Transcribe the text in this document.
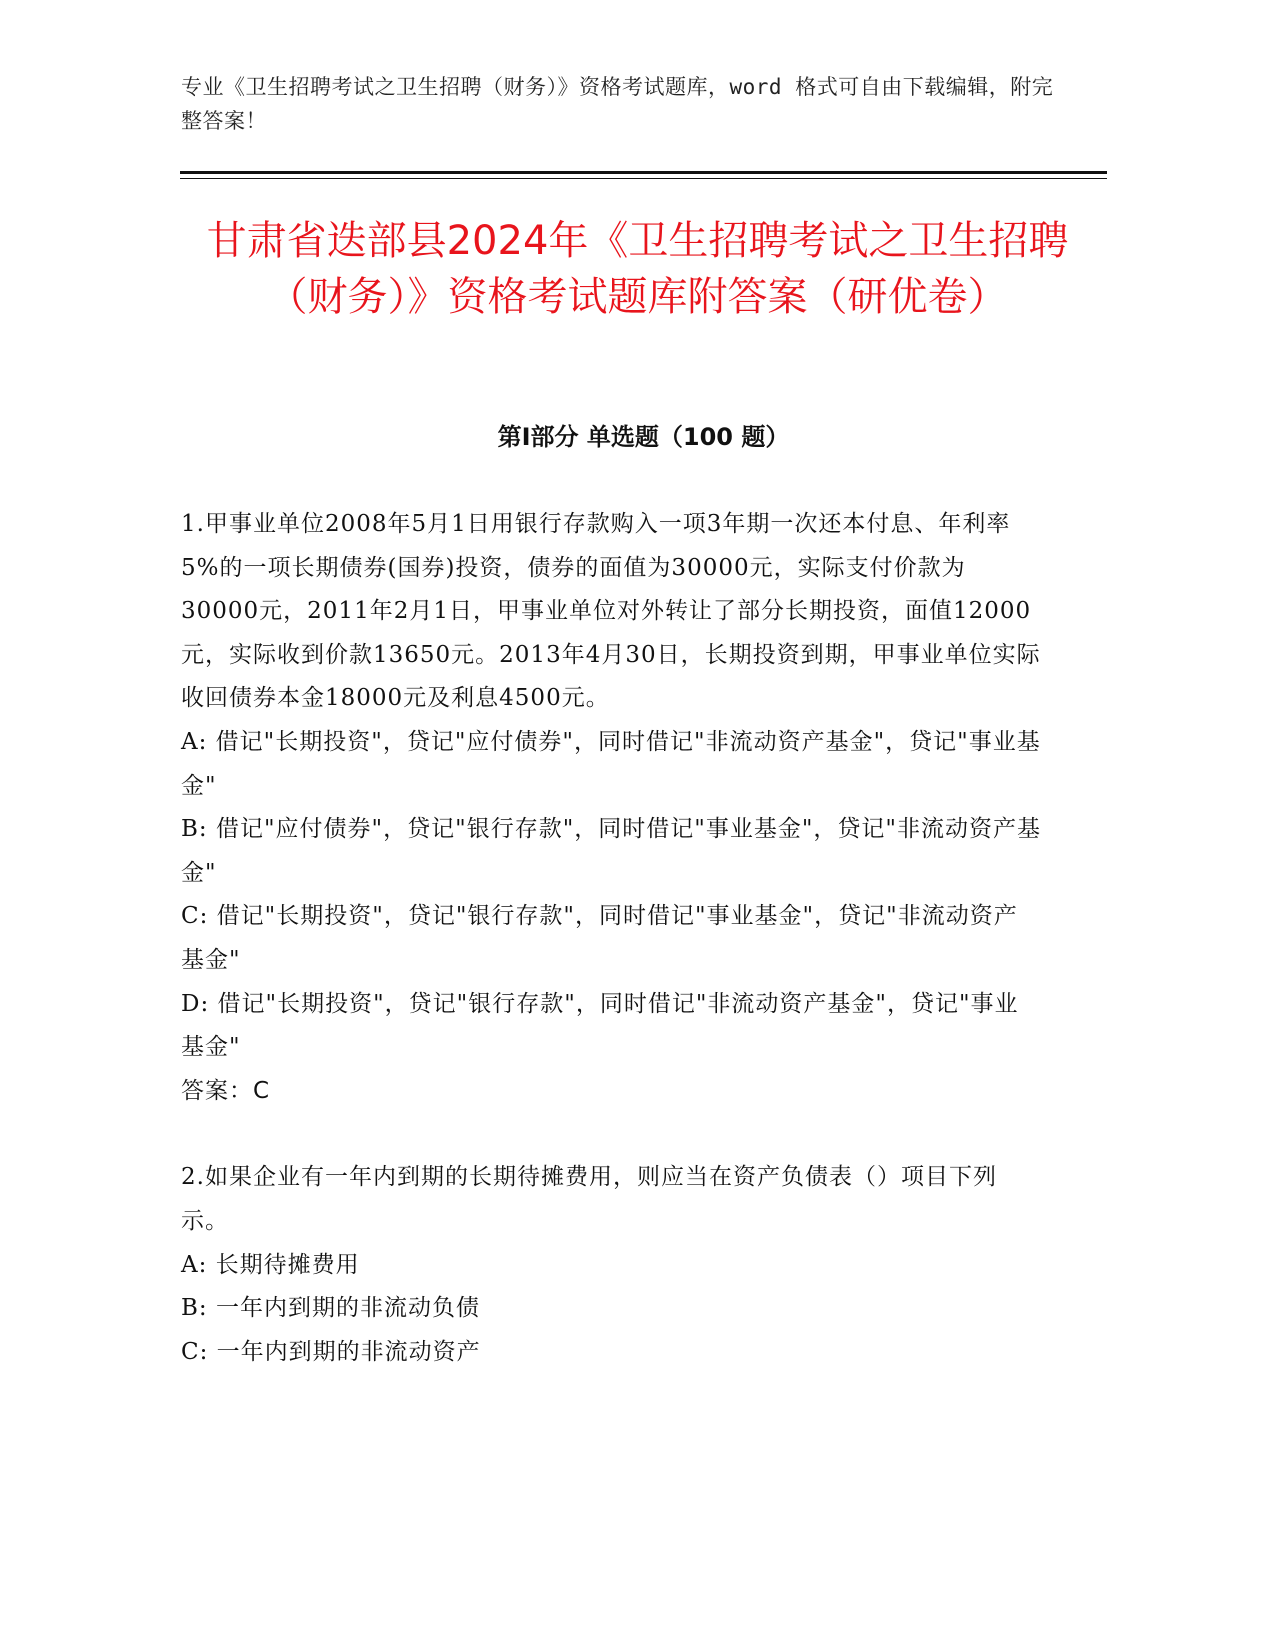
专业《卫生招聘考试之卫生招聘（财务）》资格考试题库，word 格式可自由下载编辑，附完整答案！
甘肃省迭部县2024年《卫生招聘考试之卫生招聘（财务）》资格考试题库附答案（研优卷）
第Ⅰ部分 单选题（100 题）

1.甲事业单位2008年5月1日用银行存款购入一项3年期一次还本付息、年利率5%的一项长期债券(国券)投资，债券的面值为30000元，实际支付价款为30000元，2011年2月1日，甲事业单位对外转让了部分长期投资，面值12000元，实际收到价款13650元。2013年4月30日，长期投资到期，甲事业单位实际收回债券本金18000元及利息4500元。

A: 借记"长期投资"，贷记"应付债券"，同时借记"非流动资产基金"，贷记"事业基金"

B: 借记"应付债券"，贷记"银行存款"，同时借记"事业基金"，贷记"非流动资产基金"

C: 借记"长期投资"，贷记"银行存款"，同时借记"事业基金"，贷记"非流动资产基金"

D: 借记"长期投资"，贷记"银行存款"，同时借记"非流动资产基金"，贷记"事业基金"

答案：C

2.如果企业有一年内到期的长期待摊费用，则应当在资产负债表（）项目下列示。

A: 长期待摊费用

B: 一年内到期的非流动负债

C: 一年内到期的非流动资产
